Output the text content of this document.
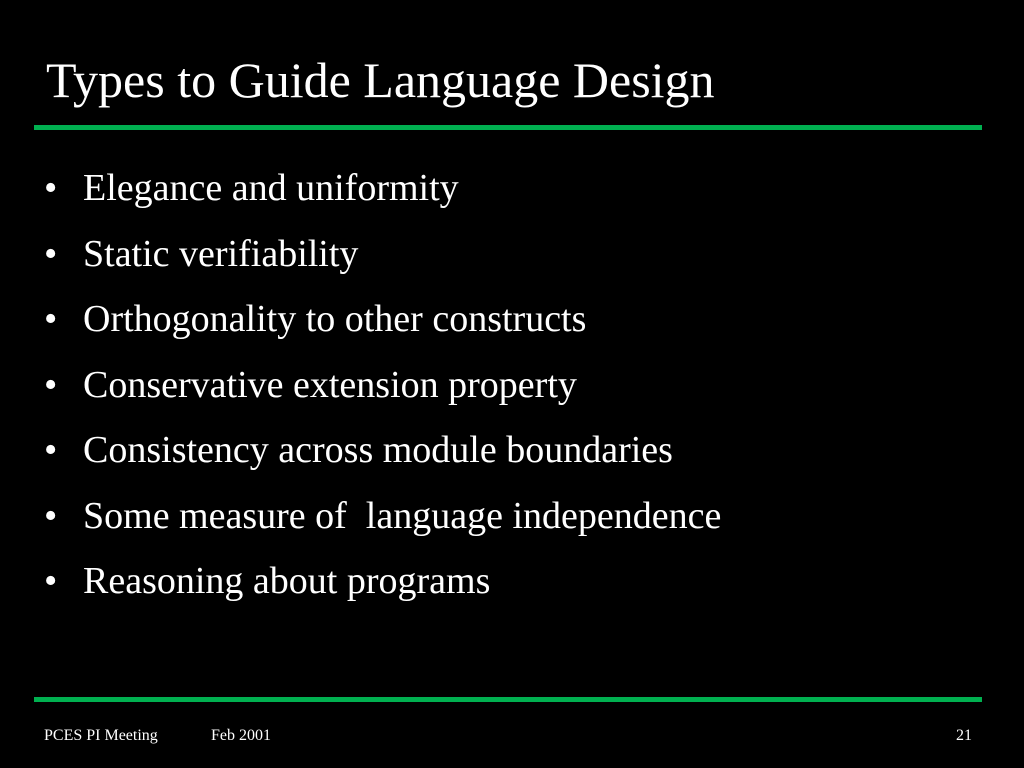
Types to Guide Language Design
• Elegance and uniformity
• Static verifiability
• Orthogonality to other constructs
• Conservative extension property
• Consistency across module boundaries
• Some measure of  language independence
• Reasoning about programs
PCES PI Meeting	Feb 2001	21
